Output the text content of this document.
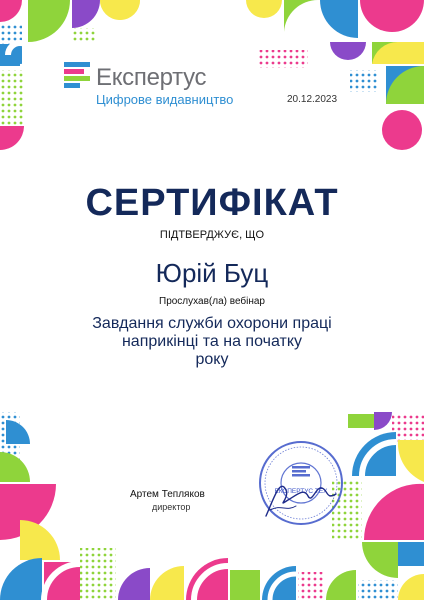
Експертус
Цифрове видавництво	20.12.2023
СЕРТИФІКАТ
ПІДТВЕРДЖУЄ, ЩО
Юрій Буц
Прослухав(ла) вебінар
Завдання служби охорони праці
наприкінці та на початку
року
Артем Тепляков
директор
ЕКСПЕРТУС ТЕХ
